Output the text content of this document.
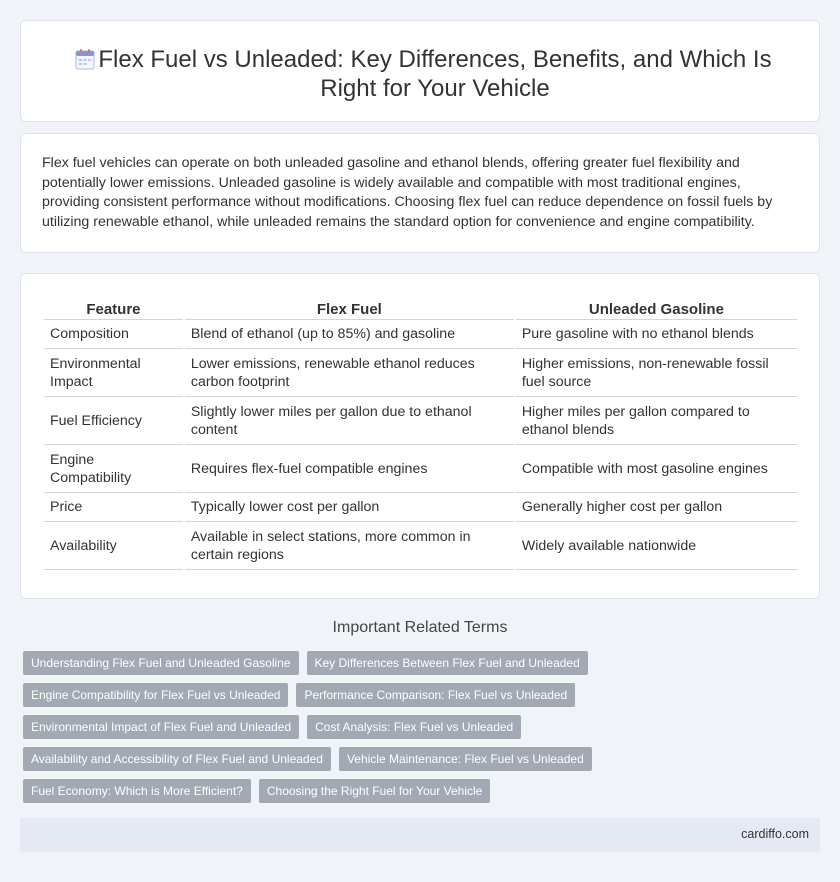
Flex Fuel vs Unleaded: Key Differences, Benefits, and Which Is
Right for Your Vehicle

Flex fuel vehicles can operate on both unleaded gasoline and ethanol blends, offering greater fuel flexibility and potentially lower emissions. Unleaded gasoline is widely available and compatible with most traditional engines, providing consistent performance without modifications. Choosing flex fuel can reduce dependence on fossil fuels by utilizing renewable ethanol, while unleaded remains the standard option for convenience and engine compatibility.

Feature	Flex Fuel	Unleaded Gasoline
Composition	Blend of ethanol (up to 85%) and gasoline	Pure gasoline with no ethanol blends
Environmental Impact	Lower emissions, renewable ethanol reduces carbon footprint	Higher emissions, non-renewable fossil fuel source
Fuel Efficiency	Slightly lower miles per gallon due to ethanol content	Higher miles per gallon compared to ethanol blends
Engine Compatibility	Requires flex-fuel compatible engines	Compatible with most gasoline engines
Price	Typically lower cost per gallon	Generally higher cost per gallon
Availability	Available in select stations, more common in certain regions	Widely available nationwide
Important Related Terms
Understanding Flex Fuel and Unleaded Gasoline	Key Differences Between Flex Fuel and Unleaded
Engine Compatibility for Flex Fuel vs Unleaded	Performance Comparison: Flex Fuel vs Unleaded
Environmental Impact of Flex Fuel and Unleaded	Cost Analysis: Flex Fuel vs Unleaded
Availability and Accessibility of Flex Fuel and Unleaded	Vehicle Maintenance: Flex Fuel vs Unleaded
Fuel Economy: Which is More Efficient?	Choosing the Right Fuel for Your Vehicle
cardiffo.com
